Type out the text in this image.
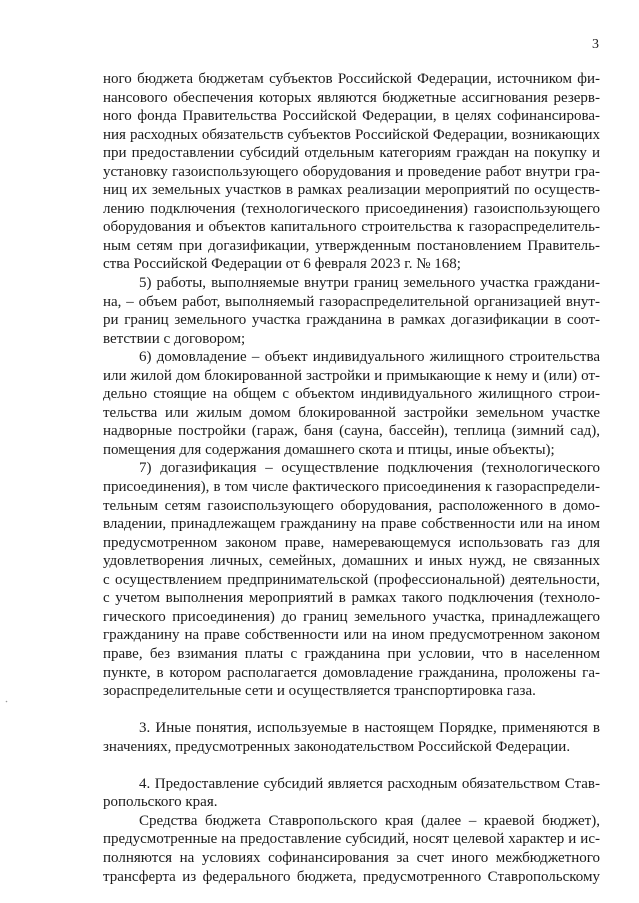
3
ного бюджета бюджетам субъектов Российской Федерации, источником фи-
нансового обеспечения которых являются бюджетные ассигнования резерв-
ного фонда Правительства Российской Федерации, в целях софинансирова-
ния расходных обязательств субъектов Российской Федерации, возникающих
при предоставлении субсидий отдельным категориям граждан на покупку и
установку газоиспользующего оборудования и проведение работ внутри гра-
ниц их земельных участков в рамках реализации мероприятий по осуществ-
лению подключения (технологического присоединения) газоиспользующего
оборудования и объектов капитального строительства к газораспределитель-
ным сетям при догазификации, утвержденным постановлением Правитель-
ства Российской Федерации от 6 февраля 2023 г. № 168;
5) работы, выполняемые внутри границ земельного участка граждани-
на, – объем работ, выполняемый газораспределительной организацией внут-
ри границ земельного участка гражданина в рамках догазификации в соот-
ветствии с договором;
6) домовладение – объект индивидуального жилищного строительства
или жилой дом блокированной застройки и примыкающие к нему и (или) от-
дельно стоящие на общем с объектом индивидуального жилищного строи-
тельства или жилым домом блокированной застройки земельном участке
надворные постройки (гараж, баня (сауна, бассейн), теплица (зимний сад),
помещения для содержания домашнего скота и птицы, иные объекты);
7) догазификация – осуществление подключения (технологического
присоединения), в том числе фактического присоединения к газораспредели-
тельным сетям газоиспользующего оборудования, расположенного в домо-
владении, принадлежащем гражданину на праве собственности или на ином
предусмотренном законом праве, намеревающемуся использовать газ для
удовлетворения личных, семейных, домашних и иных нужд, не связанных
с осуществлением предпринимательской (профессиональной) деятельности,
с учетом выполнения мероприятий в рамках такого подключения (техноло-
гического присоединения) до границ земельного участка, принадлежащего
гражданину на праве собственности или на ином предусмотренном законом
праве, без взимания платы с гражданина при условии, что в населенном
пункте, в котором располагается домовладение гражданина, проложены га-
зораспределительные сети и осуществляется транспортировка газа.
3. Иные понятия, используемые в настоящем Порядке, применяются в
значениях, предусмотренных законодательством Российской Федерации.
4. Предоставление субсидий является расходным обязательством Став-
ропольского края.
Средства бюджета Ставропольского края (далее – краевой бюджет),
предусмотренные на предоставление субсидий, носят целевой характер и ис-
полняются на условиях софинансирования за счет иного межбюджетного
трансферта из федерального бюджета, предусмотренного Ставропольскому
